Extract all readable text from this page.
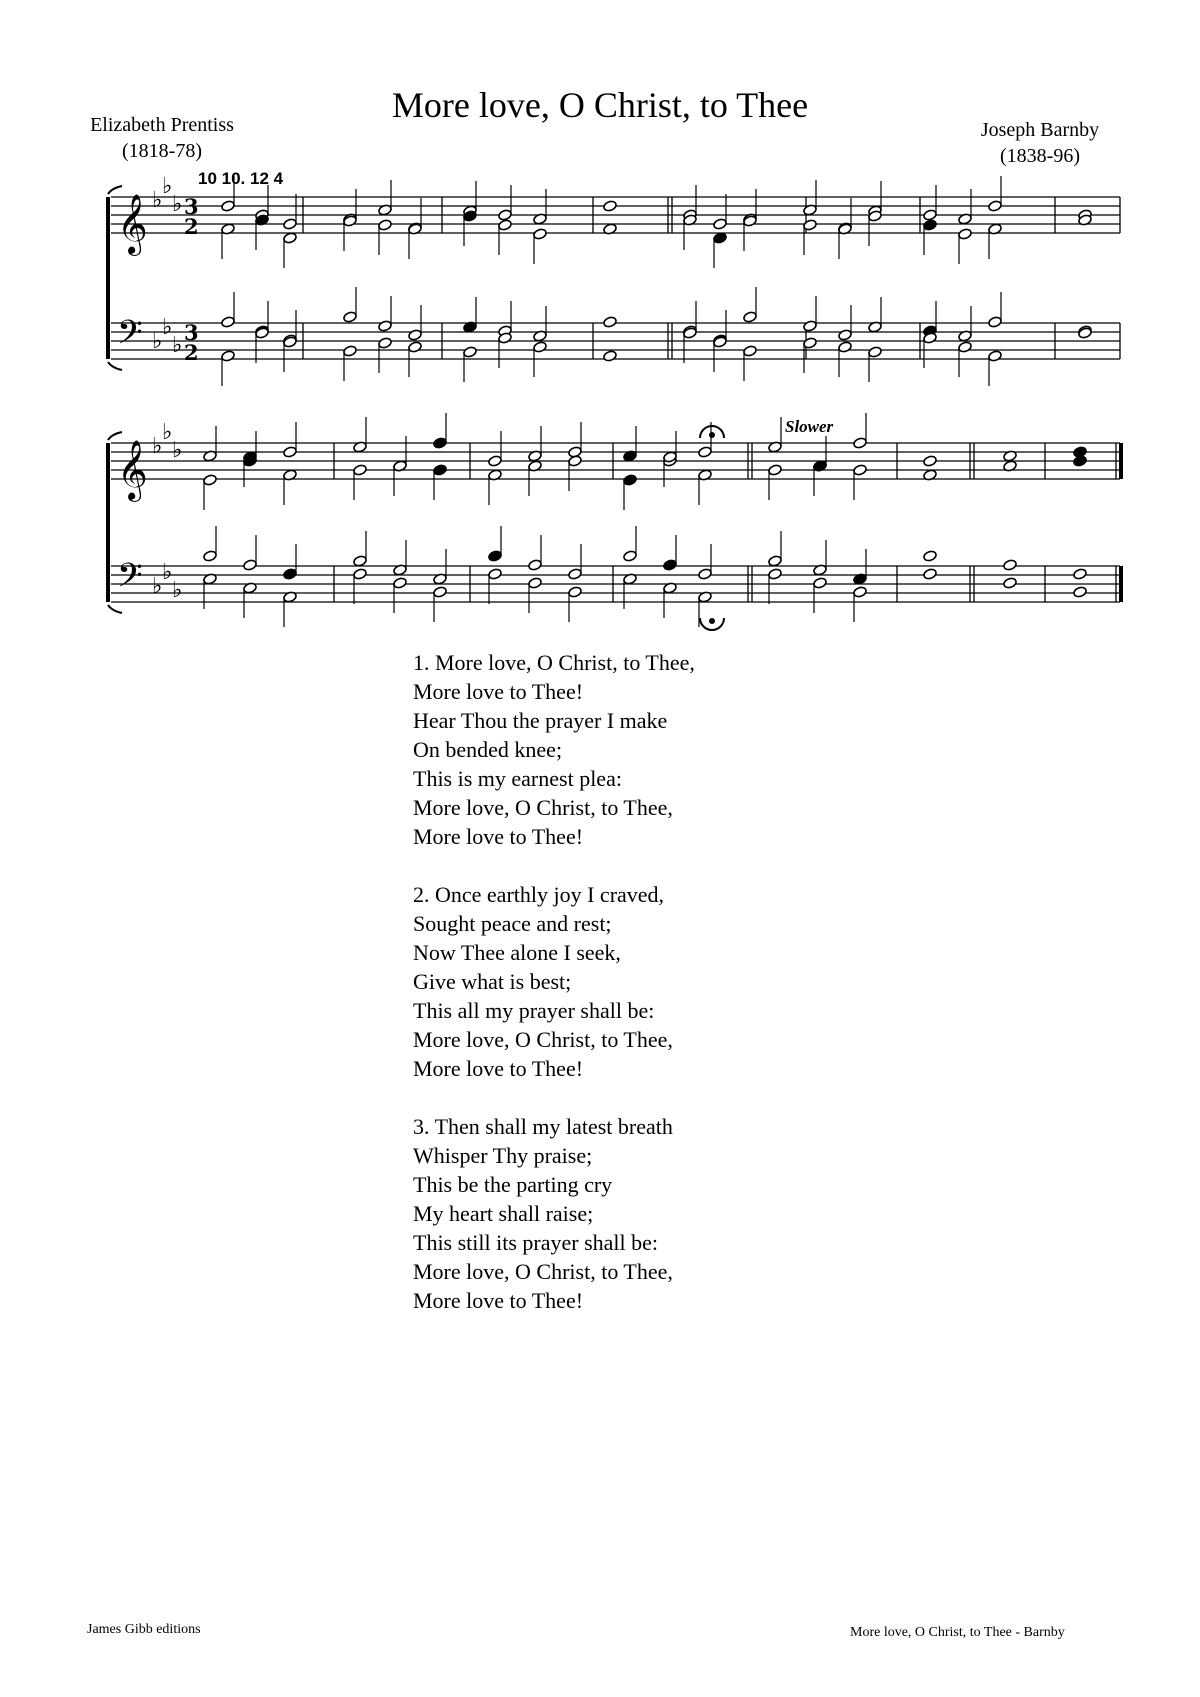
More love, O Christ, to Thee
Elizabeth Prentiss
(1818-78)
Joseph Barnby
(1838-96)
10 10. 12 4
𝄞
𝄢
𝄞
𝄢
♭
♭
♭
♭
♭
♭
♭
♭
♭
♭
♭
♭
3
2
3
2
Slower
1. More love, O Christ, to Thee,
More love to Thee!
Hear Thou the prayer I make
On bended knee;
This is my earnest plea:
More love, O Christ, to Thee,
More love to Thee!
2. Once earthly joy I craved,
Sought peace and rest;
Now Thee alone I seek,
Give what is best;
This all my prayer shall be:
More love, O Christ, to Thee,
More love to Thee!
3. Then shall my latest breath
Whisper Thy praise;
This be the parting cry
My heart shall raise;
This still its prayer shall be:
More love, O Christ, to Thee,
More love to Thee!
James Gibb editions	More love, O Christ, to Thee - Barnby
